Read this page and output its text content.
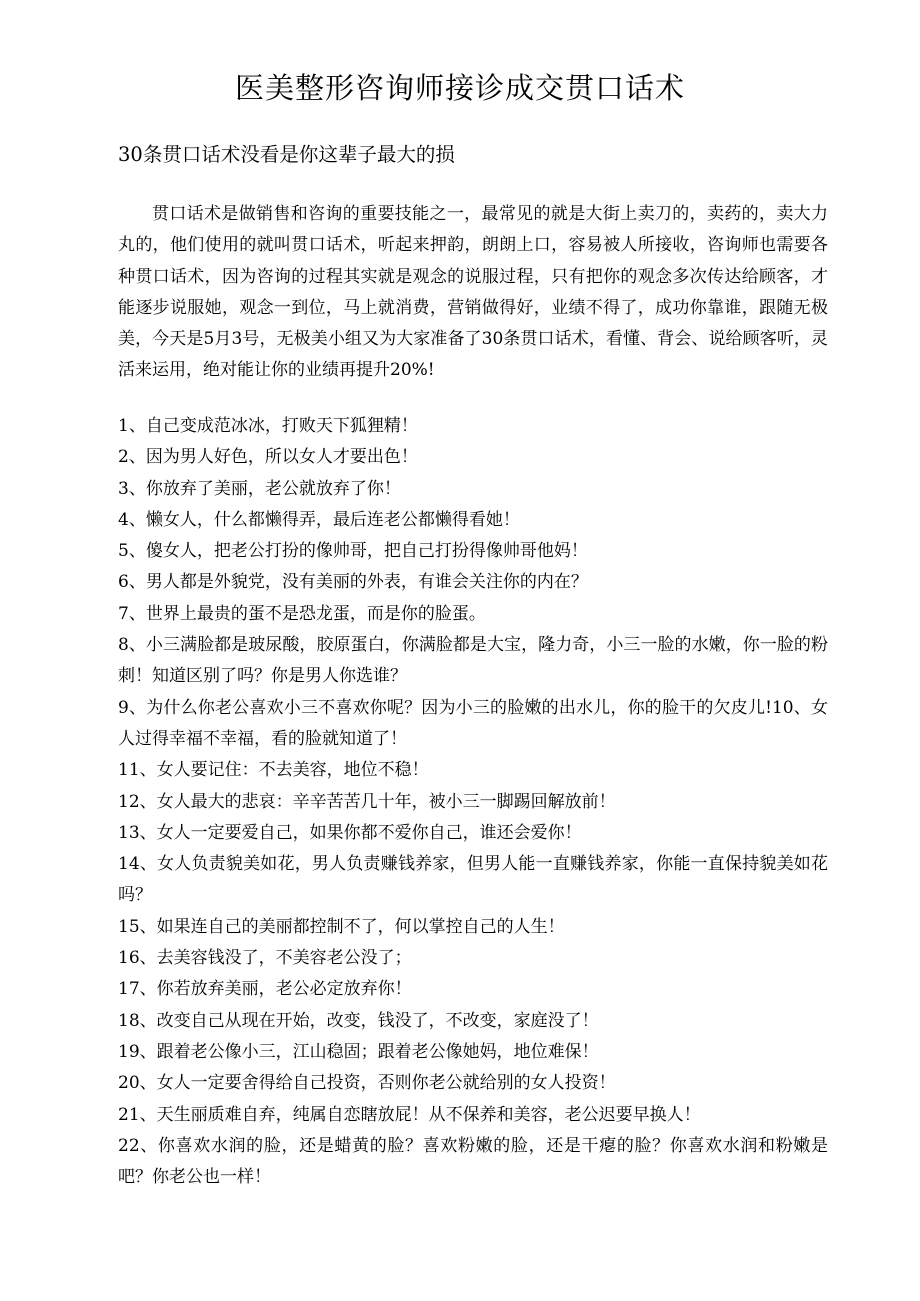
医美整形咨询师接诊成交贯口话术
30条贯口话术没看是你这辈子最大的损

贯口话术是做销售和咨询的重要技能之一，最常见的就是大街上卖刀的，卖药的，卖大力丸的，他们使用的就叫贯口话术，听起来押韵，朗朗上口，容易被人所接收，咨询师也需要各种贯口话术，因为咨询的过程其实就是观念的说服过程，只有把你的观念多次传达给顾客，才能逐步说服她，观念一到位，马上就消费，营销做得好，业绩不得了，成功你靠谁，跟随无极美，今天是5月3号，无极美小组又为大家准备了30条贯口话术，看懂、背会、说给顾客听，灵活来运用，绝对能让你的业绩再提升20%!

1、自己变成范冰冰，打败天下狐狸精！
2、因为男人好色，所以女人才要出色！
3、你放弃了美丽，老公就放弃了你！
4、懒女人，什么都懒得弄，最后连老公都懒得看她！
5、傻女人，把老公打扮的像帅哥，把自己打扮得像帅哥他妈！
6、男人都是外貌党，没有美丽的外表，有谁会关注你的内在？
7、世界上最贵的蛋不是恐龙蛋，而是你的脸蛋。
8、小三满脸都是玻尿酸，胶原蛋白，你满脸都是大宝，隆力奇，小三一脸的水嫩，你一脸的粉刺！知道区别了吗？你是男人你选谁？
9、为什么你老公喜欢小三不喜欢你呢？因为小三的脸嫩的出水儿，你的脸干的欠皮儿!10、女人过得幸福不幸福，看的脸就知道了！
11、女人要记住：不去美容，地位不稳！
12、女人最大的悲哀：辛辛苦苦几十年，被小三一脚踢回解放前！
13、女人一定要爱自己，如果你都不爱你自己，谁还会爱你！
14、女人负责貌美如花，男人负责赚钱养家，但男人能一直赚钱养家，你能一直保持貌美如花吗？
15、如果连自己的美丽都控制不了，何以掌控自己的人生！
16、去美容钱没了，不美容老公没了；
17、你若放弃美丽，老公必定放弃你！
18、改变自己从现在开始，改变，钱没了，不改变，家庭没了！
19、跟着老公像小三，江山稳固；跟着老公像她妈，地位难保！
20、女人一定要舍得给自己投资，否则你老公就给别的女人投资！
21、天生丽质难自弃，纯属自恋瞎放屁！从不保养和美容，老公迟要早换人！
22、你喜欢水润的脸，还是蜡黄的脸？喜欢粉嫩的脸，还是干瘪的脸？你喜欢水润和粉嫩是吧？你老公也一样！
